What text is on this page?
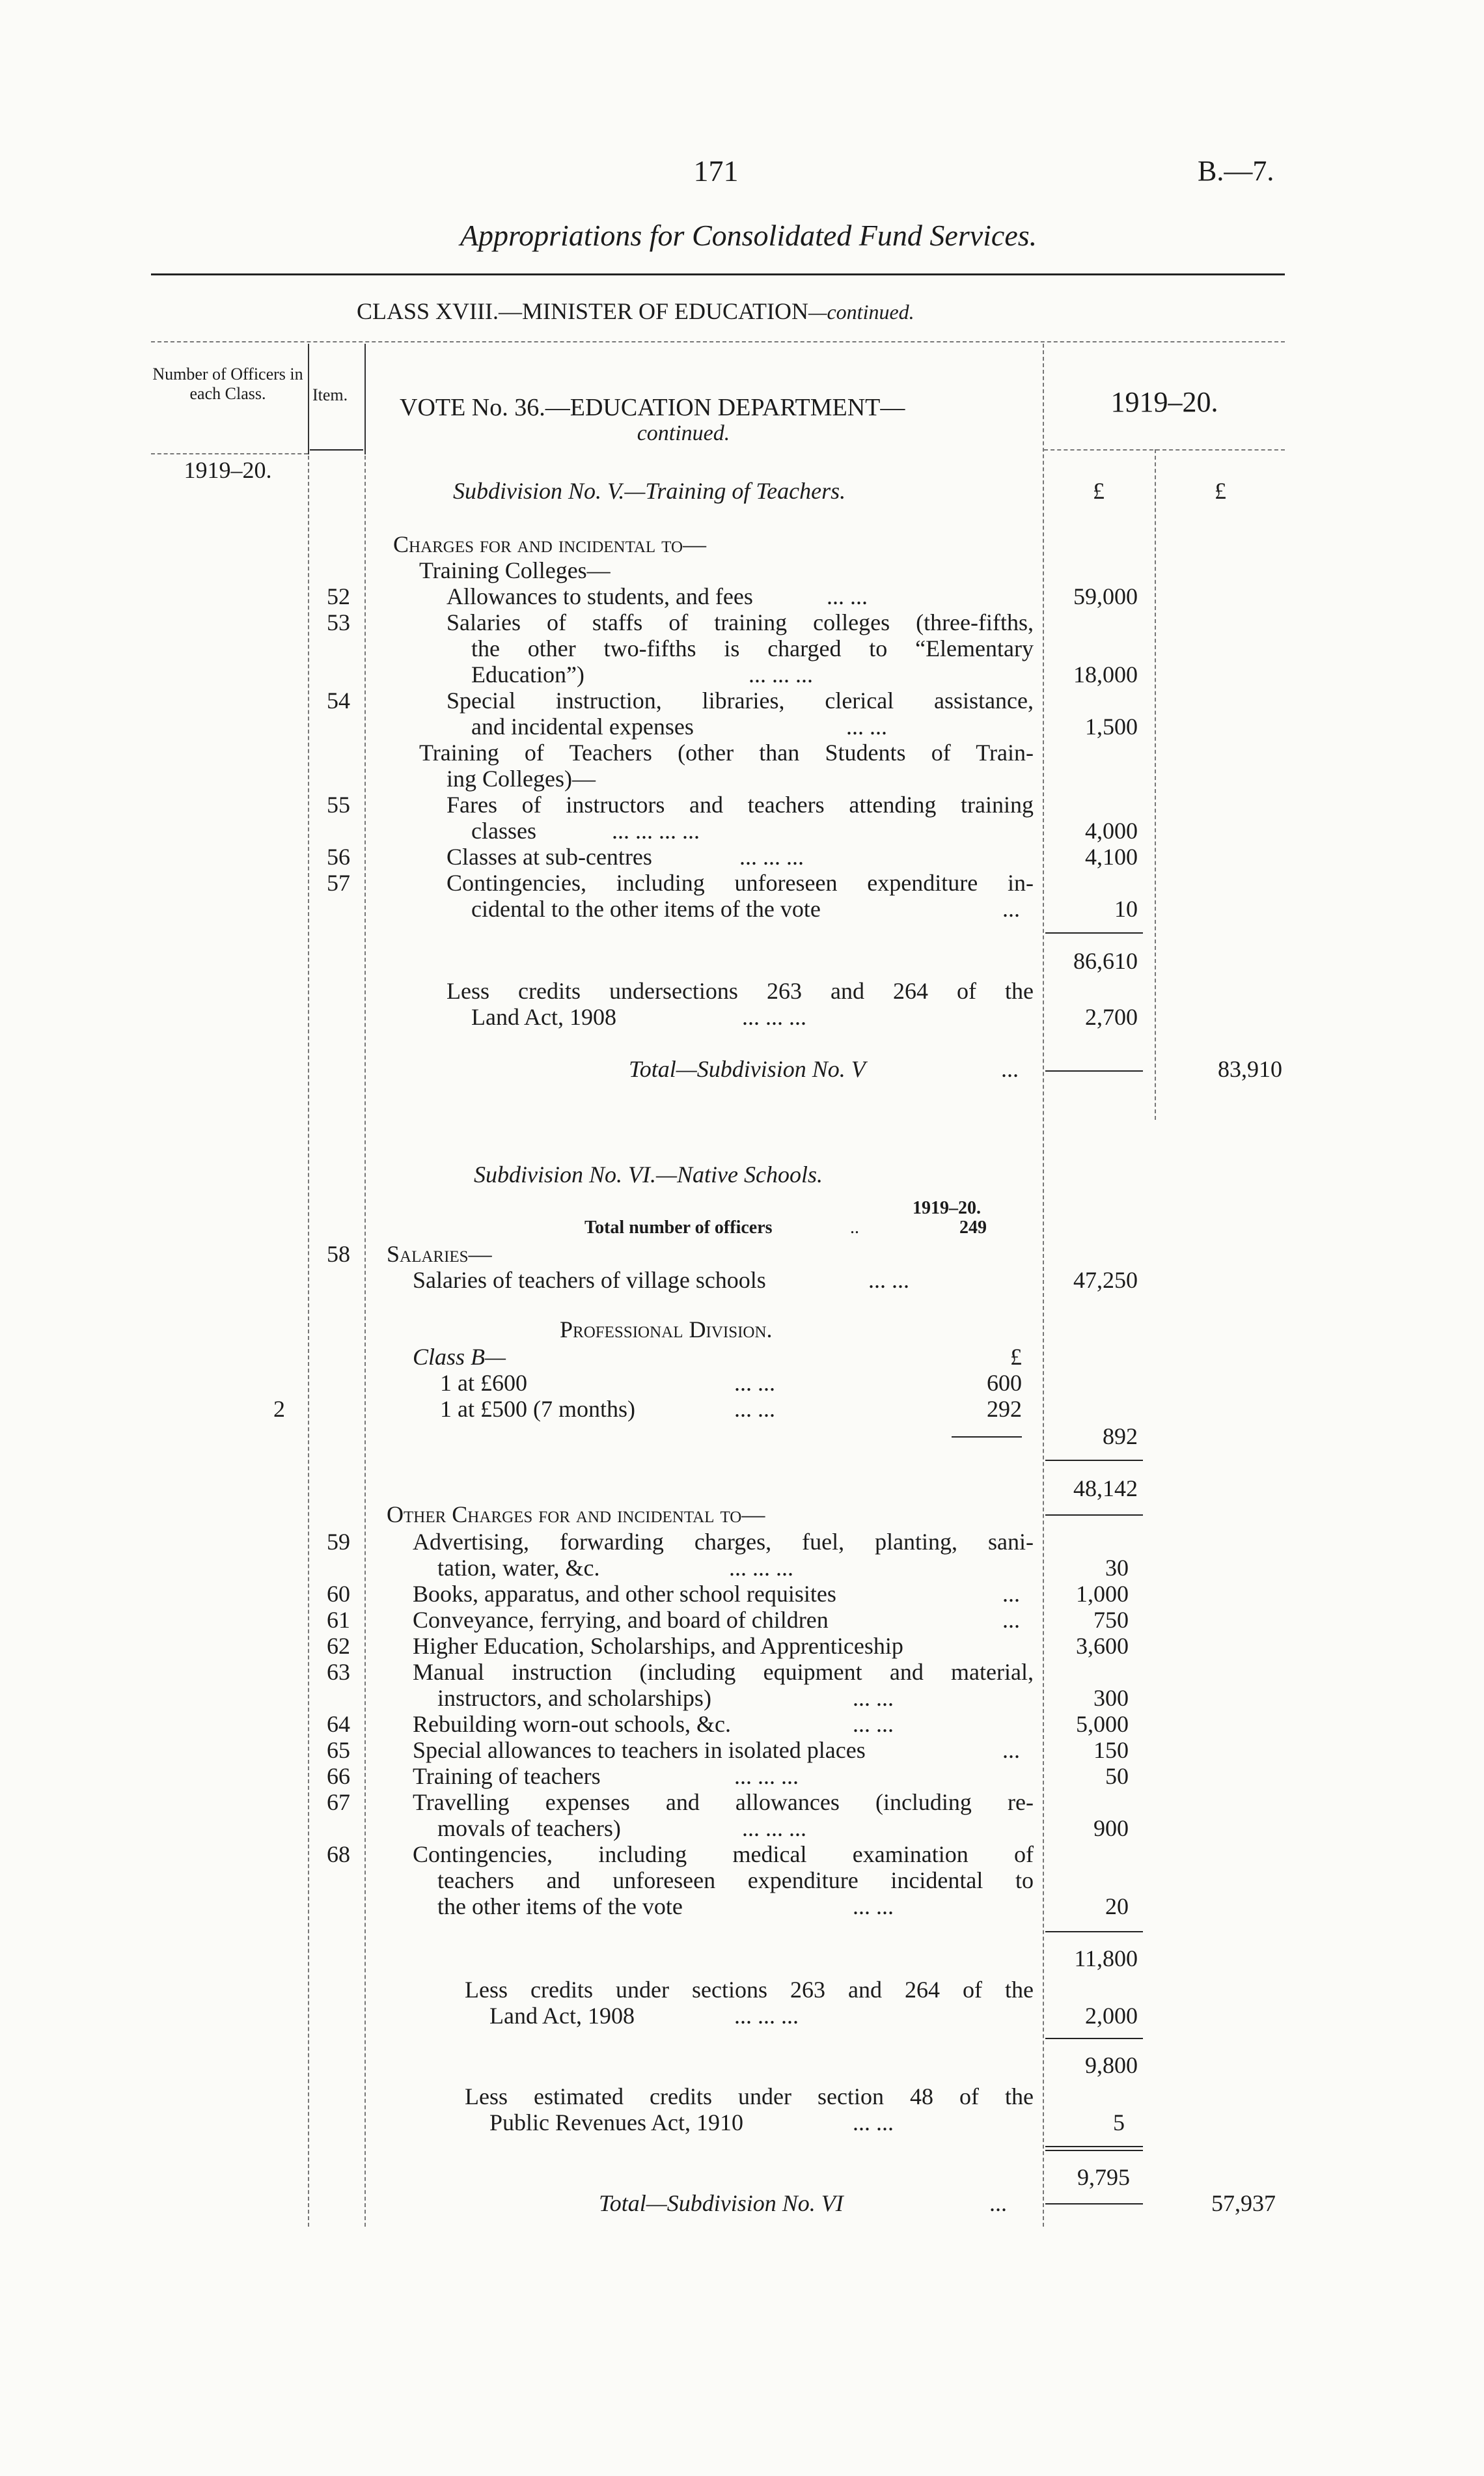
171	B.—7.
Appropriations for Consolidated Fund Services.
CLASS XVIII.—MINISTER OF EDUCATION—continued.
Number of Officers in each Class.	Item. VOTE No. 36.—EDUCATION DEPARTMENT—
continued.
1919–20.
1919–20.
£	£
Subdivision No. V.—Training of Teachers.
Charges for and incidental to—
Training Colleges—
52	Allowances to students, and fees	... ...	59,000
53	Salaries of staffs of training colleges (three-fifths,
the other two-fifths is charged to “Elementary
Education”)	... ... ...	18,000
54	Special instruction, libraries, clerical assistance,
and incidental expenses	... ...	1,500
Training of Teachers (other than Students of Train-
ing Colleges)—
55	Fares of instructors and teachers attending training
classes	... ... ... ...	4,000
56	Classes at sub-centres	... ... ...	4,100
57	Contingencies, including unforeseen expenditure in-
cidental to the other items of the vote	...	10
86,610
Less credits undersections 263 and 264 of the
Land Act, 1908	... ... ...	2,700
Total—Subdivision No. V	...	83,910
Subdivision No. VI.—Native Schools.
1919–20.
Total number of officers	..	249
58 Salaries—
Salaries of teachers of village schools	... ...	47,250
Professional Division.
Class B—	£
1 at £600	... ...	600
1 at £500 (7 months)	... ...	292
2
892
48,142
Other Charges for and incidental to—
59	Advertising, forwarding charges, fuel, planting, sani-
tation, water, &c.	... ... ...	30
60	Books, apparatus, and other school requisites	...	1,000
61	Conveyance, ferrying, and board of children	...	750
62	Higher Education, Scholarships, and Apprenticeship	3,600
63	Manual instruction (including equipment and material,
instructors, and scholarships)	... ...	300
64	Rebuilding worn-out schools, &c.	... ...	5,000
65	Special allowances to teachers in isolated places	...	150
66	Training of teachers	... ... ...	50
67	Travelling expenses and allowances (including re-
movals of teachers)	... ... ...	900
68	Contingencies, including medical examination of
teachers and unforeseen expenditure incidental to
the other items of the vote	... ...	20
11,800
Less credits under sections 263 and 264 of the
Land Act, 1908	... ... ...	2,000
9,800
Less estimated credits under section 48 of the
Public Revenues Act, 1910	... ...	5
9,795
Total—Subdivision No. VI	...	57,937
